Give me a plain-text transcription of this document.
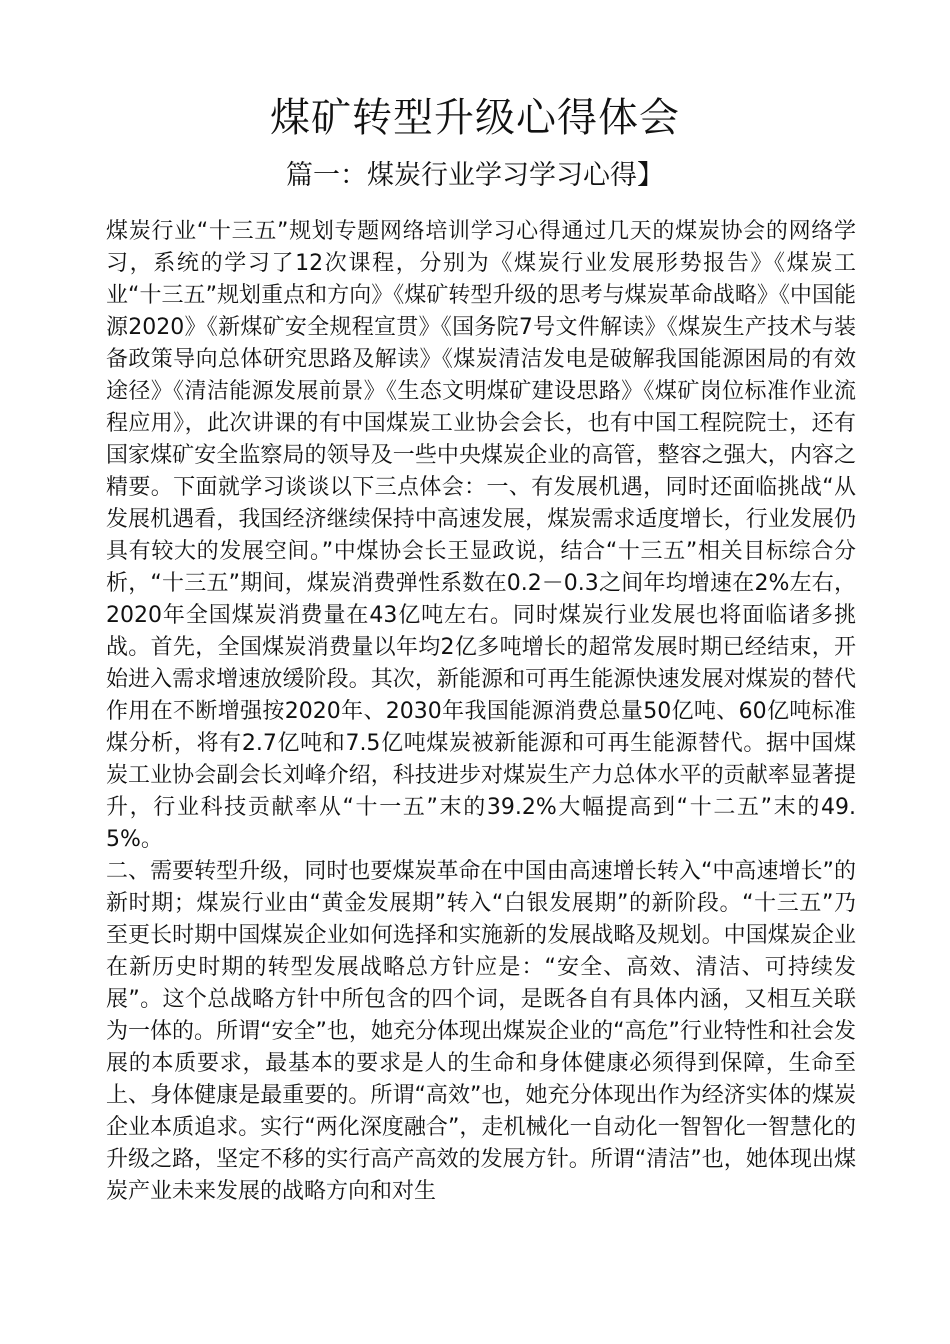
煤矿转型升级心得体会
篇一：煤炭行业学习学习心得】

煤炭行业“十三五”规划专题网络培训学习心得通过几天的煤炭协会的网络学习，系统的学习了12次课程，分别为《煤炭行业发展形势报告》《煤炭工业“十三五”规划重点和方向》《煤矿转型升级的思考与煤炭革命战略》《中国能源2020》《新煤矿安全规程宣贯》《国务院7号文件解读》《煤炭生产技术与装备政策导向总体研究思路及解读》《煤炭清洁发电是破解我国能源困局的有效途径》《清洁能源发展前景》《生态文明煤矿建设思路》《煤矿岗位标准作业流程应用》，此次讲课的有中国煤炭工业协会会长，也有中国工程院院士，还有国家煤矿安全监察局的领导及一些中央煤炭企业的高管，整容之强大，内容之精要。下面就学习谈谈以下三点体会：一、有发展机遇，同时还面临挑战“从发展机遇看，我国经济继续保持中高速发展，煤炭需求适度增长，行业发展仍具有较大的发展空间。”中煤协会长王显政说，结合“十三五”相关目标综合分析，“十三五”期间，煤炭消费弹性系数在0.2－0.3之间年均增速在2%左右，2020年全国煤炭消费量在43亿吨左右。同时煤炭行业发展也将面临诸多挑战。首先，全国煤炭消费量以年均2亿多吨增长的超常发展时期已经结束，开始进入需求增速放缓阶段。其次，新能源和可再生能源快速发展对煤炭的替代作用在不断增强按2020年、2030年我国能源消费总量50亿吨、60亿吨标准煤分析，将有2.7亿吨和7.5亿吨煤炭被新能源和可再生能源替代。据中国煤炭工业协会副会长刘峰介绍，科技进步对煤炭生产力总体水平的贡献率显著提升，行业科技贡献率从“十一五”末的39.2%大幅提高到“十二五”末的49.5%。

二、需要转型升级，同时也要煤炭革命在中国由高速增长转入“中高速增长”的新时期；煤炭行业由“黄金发展期”转入“白银发展期”的新阶段。“十三五”乃至更长时期中国煤炭企业如何选择和实施新的发展战略及规划。中国煤炭企业在新历史时期的转型发展战略总方针应是：“安全、高效、清洁、可持续发展”。这个总战略方针中所包含的四个词，是既各自有具体内涵，又相互关联为一体的。所谓“安全”也，她充分体现出煤炭企业的“高危”行业特性和社会发展的本质要求，最基本的要求是人的生命和身体健康必须得到保障，生命至上、身体健康是最重要的。所谓“高效”也，她充分体现出作为经济实体的煤炭企业本质追求。实行“两化深度融合”，走机械化一自动化一智智化一智慧化的升级之路，坚定不移的实行高产高效的发展方针。所谓“清洁”也，她体现出煤炭产业未来发展的战略方向和对生
